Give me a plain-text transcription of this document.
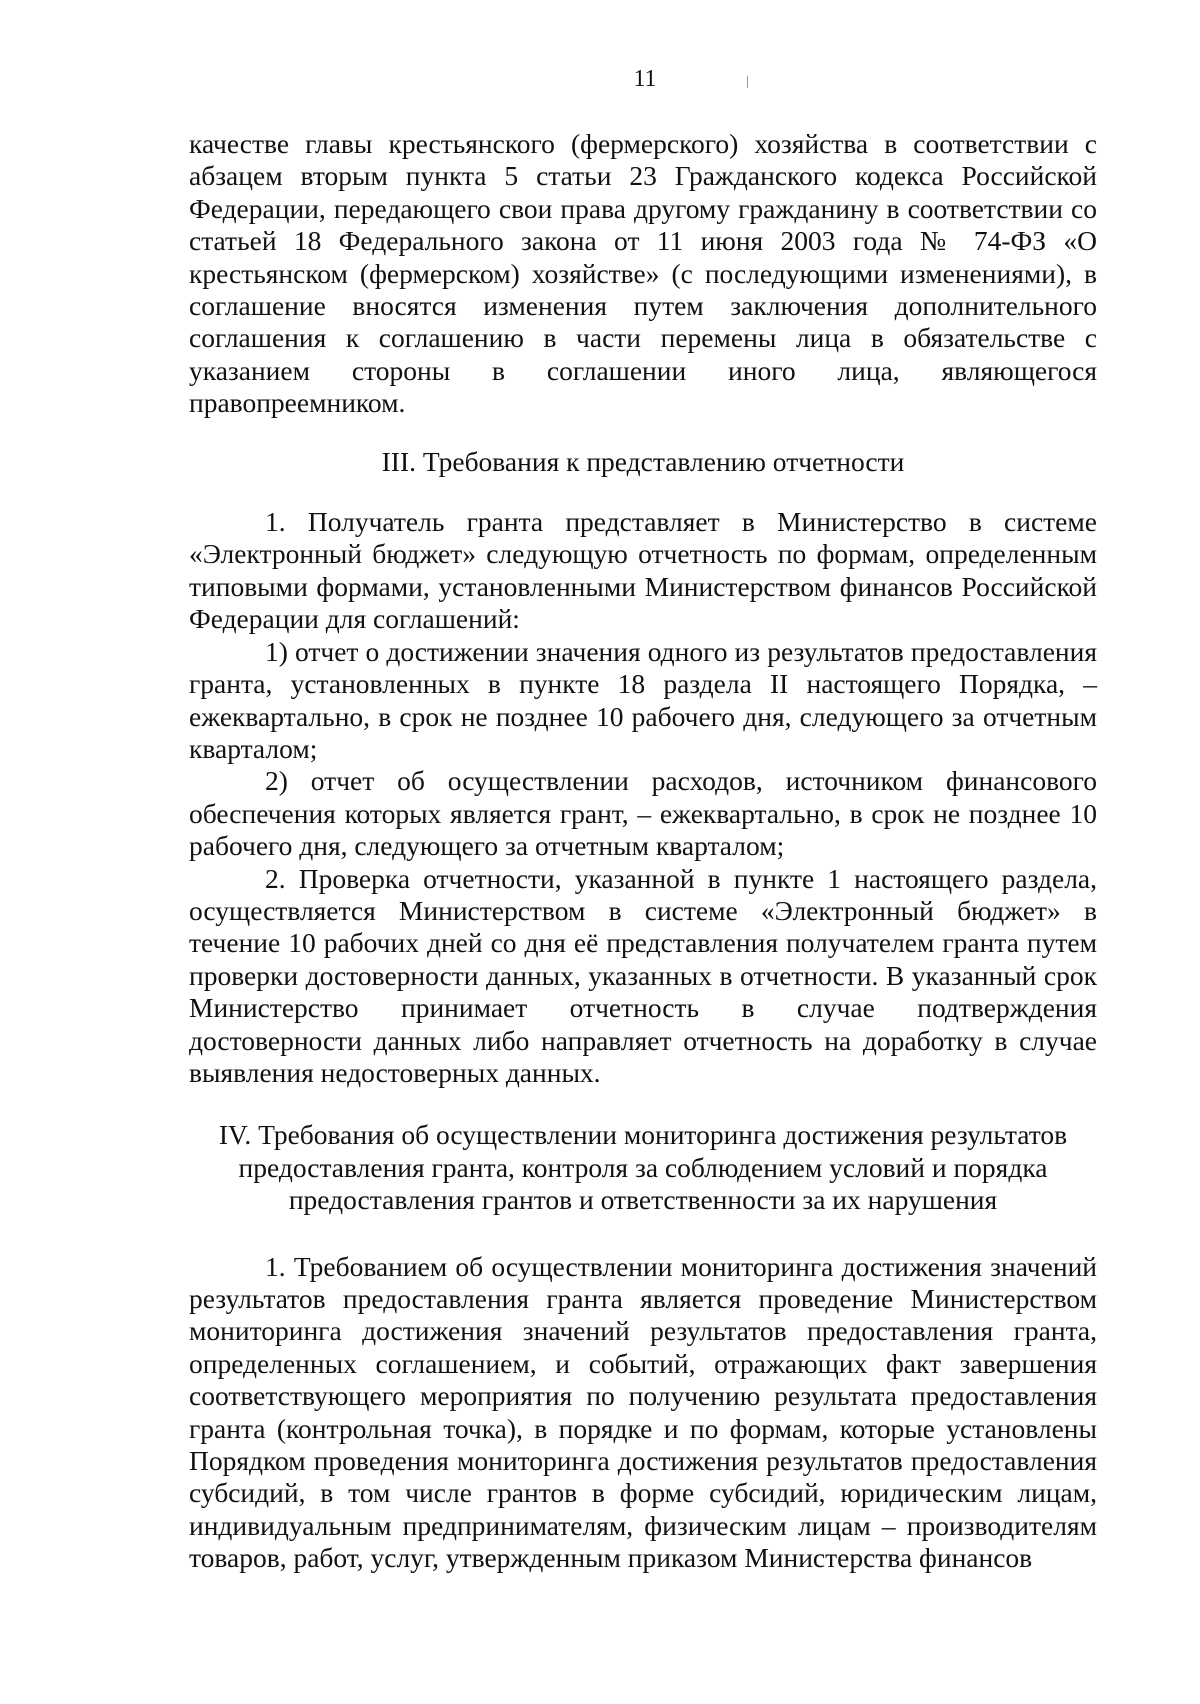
11

качестве главы крестьянского (фермерского) хозяйства в соответствии с абзацем вторым пункта 5 статьи 23 Гражданского кодекса Российской Федерации, передающего свои права другому гражданину в соответствии со статьей 18 Федерального закона от 11 июня 2003 года № 74-ФЗ «О крестьянском (фермерском) хозяйстве» (с последующими изменениями), в соглашение вносятся изменения путем заключения дополнительного соглашения к соглашению в части перемены лица в обязательстве с указанием стороны в соглашении иного лица, являющегося правопреемником.

III. Требования к представлению отчетности

1. Получатель гранта представляет в Министерство в системе «Электронный бюджет» следующую отчетность по формам, определенным типовыми формами, установленными Министерством финансов Российской Федерации для соглашений:

1) отчет о достижении значения одного из результатов предоставления гранта, установленных в пункте 18 раздела II настоящего Порядка, – ежеквартально, в срок не позднее 10 рабочего дня, следующего за отчетным кварталом;

2) отчет об осуществлении расходов, источником финансового обеспечения которых является грант, – ежеквартально, в срок не позднее 10 рабочего дня, следующего за отчетным кварталом;

2. Проверка отчетности, указанной в пункте 1 настоящего раздела, осуществляется Министерством в системе «Электронный бюджет» в течение 10 рабочих дней со дня её представления получателем гранта путем проверки достоверности данных, указанных в отчетности. В указанный срок Министерство принимает отчетность в случае подтверждения достоверности данных либо направляет отчетность на доработку в случае выявления недостоверных данных.

IV. Требования об осуществлении мониторинга достижения результатов предоставления гранта, контроля за соблюдением условий и порядка предоставления грантов и ответственности за их нарушения

1. Требованием об осуществлении мониторинга достижения значений результатов предоставления гранта является проведение Министерством мониторинга достижения значений результатов предоставления гранта, определенных соглашением, и событий, отражающих факт завершения соответствующего мероприятия по получению результата предоставления гранта (контрольная точка), в порядке и по формам, которые установлены Порядком проведения мониторинга достижения результатов предоставления субсидий, в том числе грантов в форме субсидий, юридическим лицам, индивидуальным предпринимателям, физическим лицам – производителям товаров, работ, услуг, утвержденным приказом Министерства финансов
